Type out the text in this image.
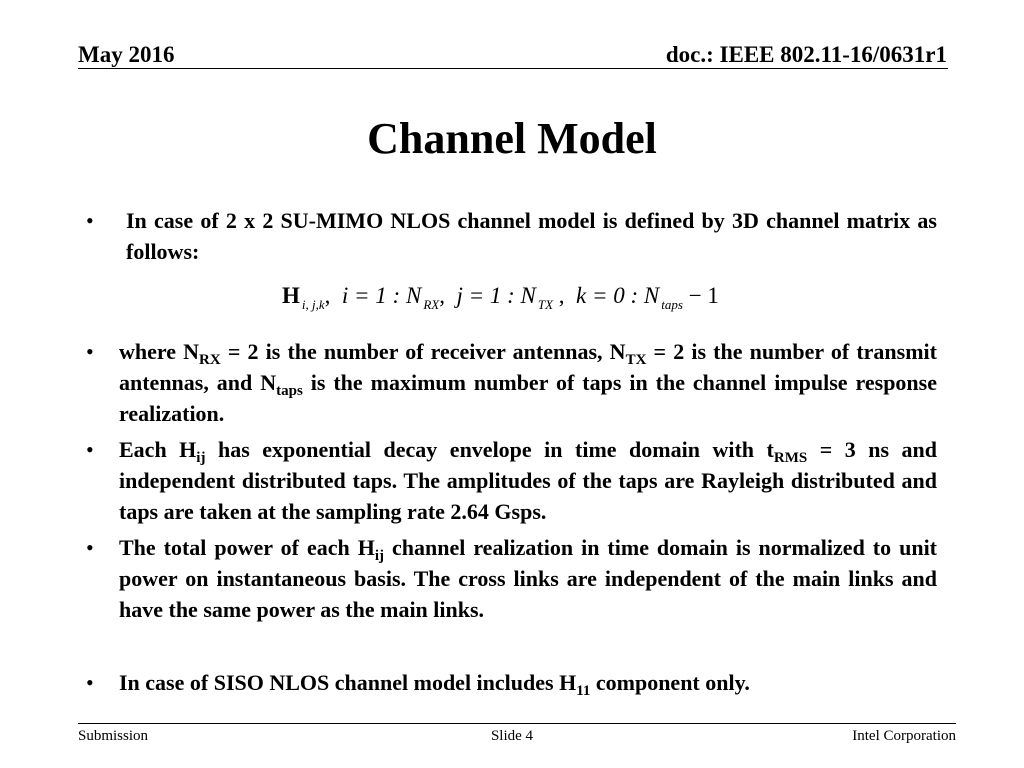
May 2016	doc.: IEEE 802.11-16/0631r1
Channel Model
• In case of 2 x 2 SU-MIMO NLOS channel model is defined by 3D channel matrix as follows:
H $_{i, j,k}$, i = 1 : N $_{RX}$, j = 1 : N $_{TX}$ , k = 0 : N $_{taps}$ − 1
• where $N_{RX} = 2$ is the number of receiver antennas, $N_{TX} = 2$ is the number of transmit antennas, and $N_{taps}$ is the maximum number of taps in the channel impulse response realization.
• Each $H_{ij}$ has exponential decay envelope in time domain with $t_{RMS} = 3$ ns and independent distributed taps. The amplitudes of the taps are Rayleigh distributed and taps are taken at the sampling rate 2.64 Gsps.
• The total power of each $H_{ij}$ channel realization in time domain is normalized to unit power on instantaneous basis. The cross links are independent of the main links and have the same power as the main links.
• In case of SISO NLOS channel model includes $H_{11}$ component only.
Submission	Slide 4	Intel Corporation
